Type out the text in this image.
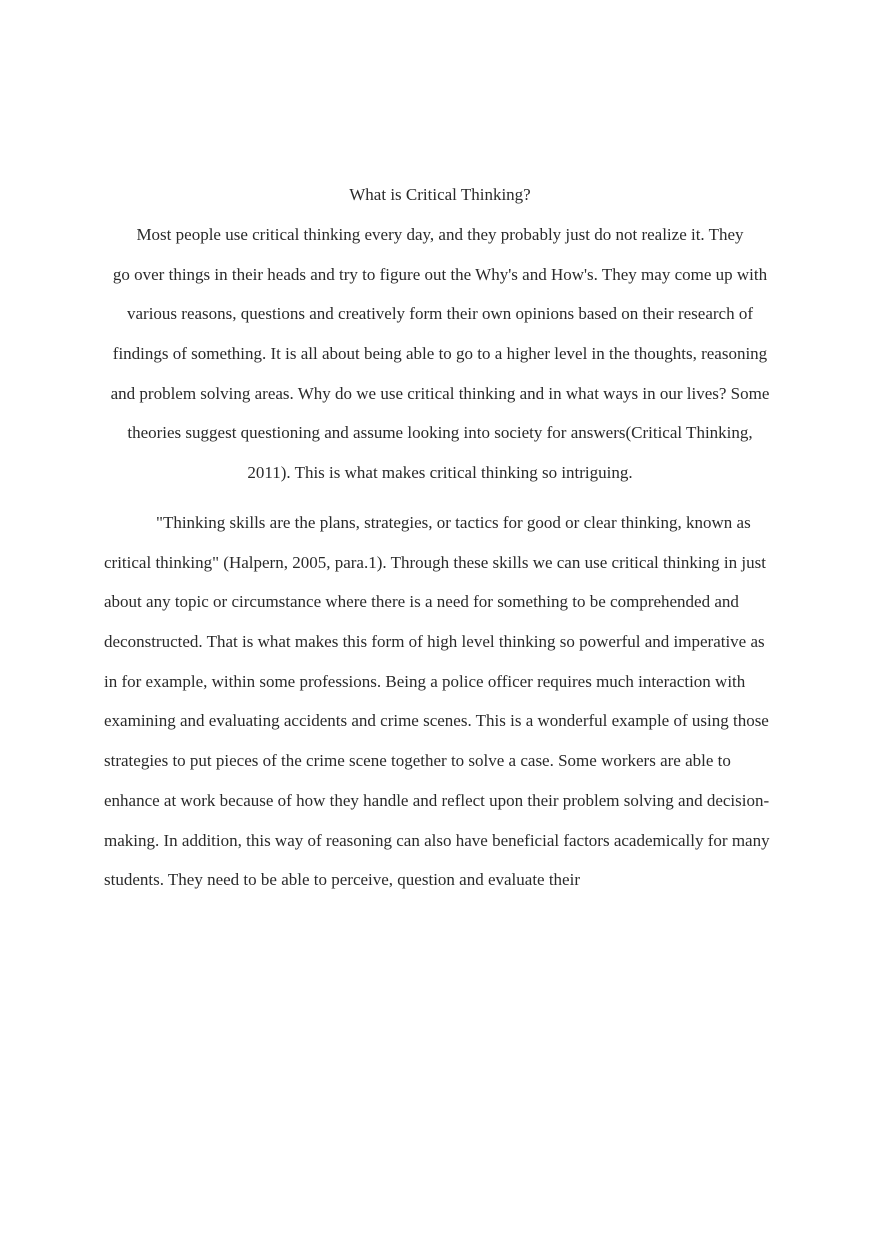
What is Critical Thinking?
Most people use critical thinking every day, and they probably just do not realize it. They
go over things in their heads and try to figure out the Why's and How's. They may come up with
various reasons, questions and creatively form their own opinions based on their research of
findings of something. It is all about being able to go to a higher level in the thoughts, reasoning
and problem solving areas. Why do we use critical thinking and in what ways in our lives? Some
theories suggest questioning and assume looking into society for answers(Critical Thinking,
2011). This is what makes critical thinking so intriguing.
"Thinking skills are the plans, strategies, or tactics for good or clear thinking, known as
critical thinking" (Halpern, 2005, para.1). Through these skills we can use critical thinking in just
about any topic or circumstance where there is a need for something to be comprehended and
deconstructed. That is what makes this form of high level thinking so powerful and imperative as
in for example, within some professions. Being a police officer requires much interaction with
examining and evaluating accidents and crime scenes. This is a wonderful example of using those
strategies to put pieces of the crime scene together to solve a case. Some workers are able to
enhance at work because of how they handle and reflect upon their problem solving and decision-
making. In addition, this way of reasoning can also have beneficial factors academically for many
students. They need to be able to perceive, question and evaluate their
